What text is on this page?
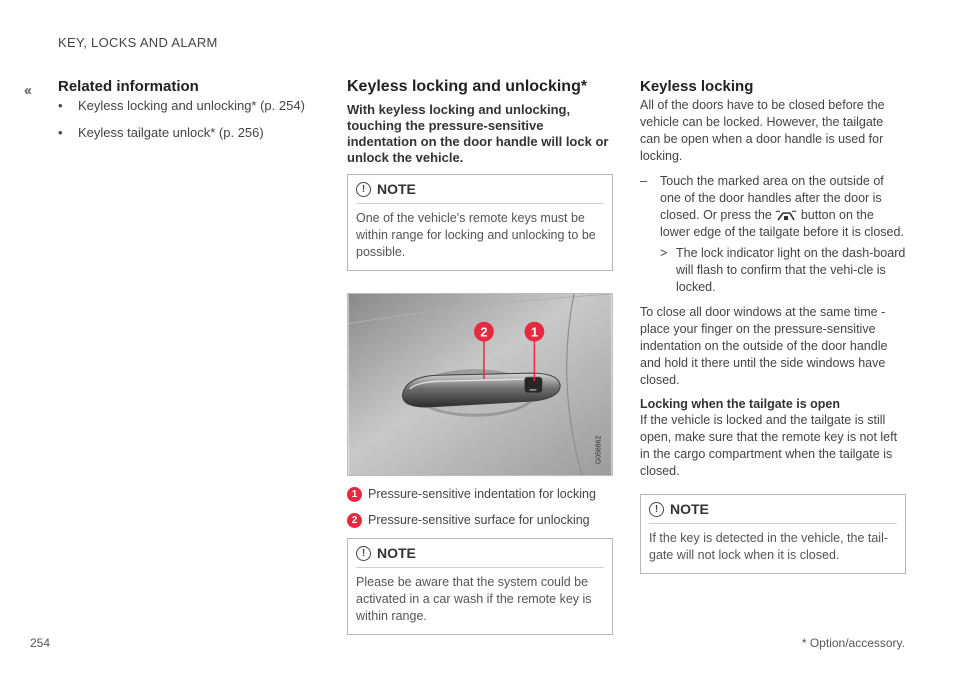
KEY, LOCKS AND ALARM
‹‹ Related information
• Keyless locking and unlocking* (p. 254)
• Keyless tailgate unlock* (p. 256)
Keyless locking and unlocking*
With keyless locking and unlocking, touching the pressure-sensitive indentation on the door handle will lock or unlock the vehicle.
! NOTE
One of the vehicle's remote keys must be within range for locking and unlocking to be possible.
2	1
G056862
1 Pressure-sensitive indentation for locking
2 Pressure-sensitive surface for unlocking
! NOTE
Please be aware that the system could be activated in a car wash if the remote key is within range.
Keyless locking
All of the doors have to be closed before the vehicle can be locked. However, the tailgate can be open when a door handle is used for locking.
– Touch the marked area on the outside of one of the door handles after the door is closed. Or press the button on the lower edge of the tailgate before it is closed.
> The lock indicator light on the dash-board will flash to confirm that the vehi-cle is locked.
To close all door windows at the same time - place your finger on the pressure-sensitive indentation on the outside of the door handle and hold it there until the side windows have closed.
Locking when the tailgate is open
If the vehicle is locked and the tailgate is still open, make sure that the remote key is not left in the cargo compartment when the tailgate is closed.
! NOTE
If the key is detected in the vehicle, the tail-gate will not lock when it is closed.
254	* Option/accessory.
